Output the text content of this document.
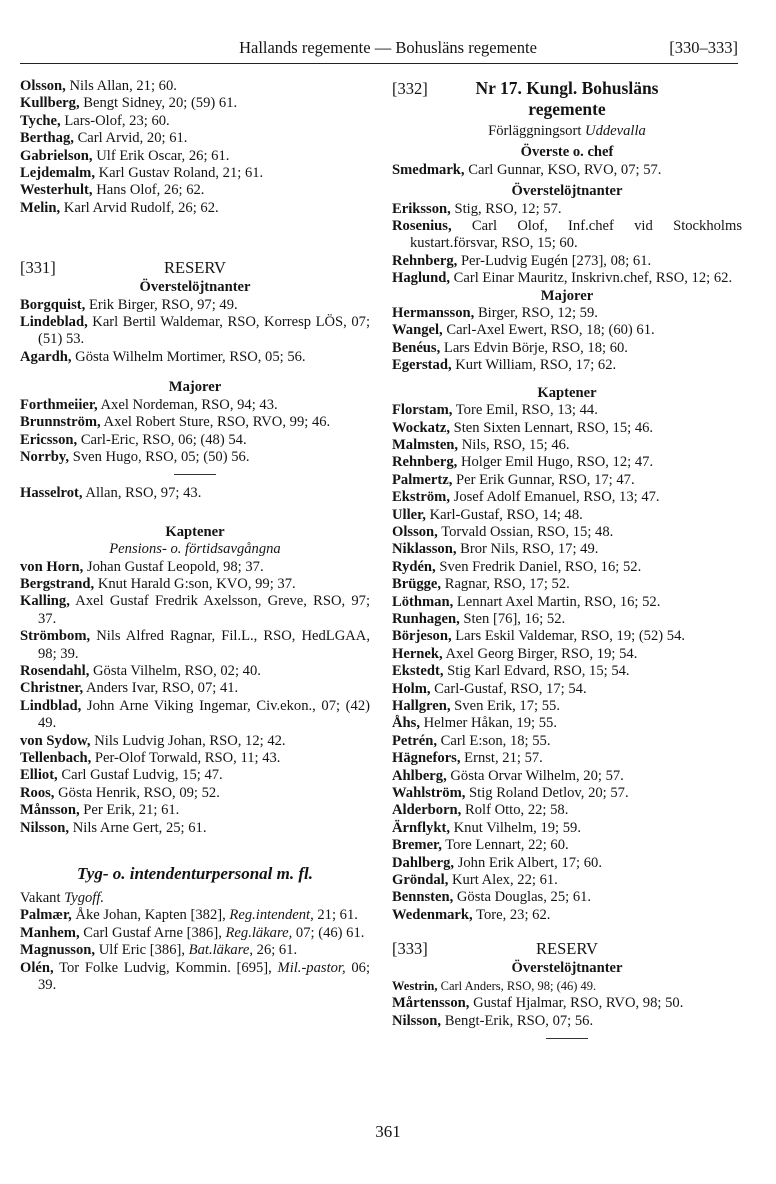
Hallands regemente — Bohusläns regemente	[330–333]

Olsson, Nils Allan, 21; 60.

Kullberg, Bengt Sidney, 20; (59) 61.

Tyche, Lars-Olof, 23; 60.

Berthag, Carl Arvid, 20; 61.

Gabrielson, Ulf Erik Oscar, 26; 61.

Lejdemalm, Karl Gustav Roland, 21; 61.

Westerhult, Hans Olof, 26; 62.

Melin, Karl Arvid Rudolf, 26; 62.

[331]	RESERV

Överstelöjtnanter

Borgquist, Erik Birger, RSO, 97; 49.

Lindeblad, Karl Bertil Waldemar, RSO, Korresp LÖS, 07; (51) 53.

Agardh, Gösta Wilhelm Mortimer, RSO, 05; 56.

Majorer

Forthmeiier, Axel Nordeman, RSO, 94; 43.

Brunnström, Axel Robert Sture, RSO, RVO, 99; 46.

Ericsson, Carl-Eric, RSO, 06; (48) 54.

Norrby, Sven Hugo, RSO, 05; (50) 56.

Hasselrot, Allan, RSO, 97; 43.

Kaptener

Pensions- o. förtidsavgångna

von Horn, Johan Gustaf Leopold, 98; 37.

Bergstrand, Knut Harald G:son, KVO, 99; 37.

Kalling, Axel Gustaf Fredrik Axelsson, Greve, RSO, 97; 37.

Strömbom, Nils Alfred Ragnar, Fil.L., RSO, HedLGAA, 98; 39.

Rosendahl, Gösta Vilhelm, RSO, 02; 40.

Christner, Anders Ivar, RSO, 07; 41.

Lindblad, John Arne Viking Ingemar, Civ.ekon., 07; (42) 49.

von Sydow, Nils Ludvig Johan, RSO, 12; 42.

Tellenbach, Per-Olof Torwald, RSO, 11; 43.

Elliot, Carl Gustaf Ludvig, 15; 47.

Roos, Gösta Henrik, RSO, 09; 52.

Månsson, Per Erik, 21; 61.

Nilsson, Nils Arne Gert, 25; 61.

Tyg- o. intendenturpersonal m. fl.

Vakant Tygoff.

Palmær, Åke Johan, Kapten [382], Reg.intendent, 21; 61.

Manhem, Carl Gustaf Arne [386], Reg.läkare, 07; (46) 61.

Magnusson, Ulf Eric [386], Bat.läkare, 26; 61.

Olén, Tor Folke Ludvig, Kommin. [695], Mil.-pastor, 06; 39.

[332]	Nr 17. Kungl. Bohusläns
regemente

Förläggningsort Uddevalla

Överste o. chef

Smedmark, Carl Gunnar, KSO, RVO, 07; 57.

Överstelöjtnanter

Eriksson, Stig, RSO, 12; 57.

Rosenius, Carl Olof, Inf.chef vid Stockholms kustart.försvar, RSO, 15; 60.

Rehnberg, Per-Ludvig Eugén [273], 08; 61.

Haglund, Carl Einar Mauritz, Inskrivn.chef, RSO, 12; 62.

Majorer

Hermansson, Birger, RSO, 12; 59.

Wangel, Carl-Axel Ewert, RSO, 18; (60) 61.

Benéus, Lars Edvin Börje, RSO, 18; 60.

Egerstad, Kurt William, RSO, 17; 62.

Kaptener

Florstam, Tore Emil, RSO, 13; 44.

Wockatz, Sten Sixten Lennart, RSO, 15; 46.

Malmsten, Nils, RSO, 15; 46.

Rehnberg, Holger Emil Hugo, RSO, 12; 47.

Palmertz, Per Erik Gunnar, RSO, 17; 47.

Ekström, Josef Adolf Emanuel, RSO, 13; 47.

Uller, Karl-Gustaf, RSO, 14; 48.

Olsson, Torvald Ossian, RSO, 15; 48.

Niklasson, Bror Nils, RSO, 17; 49.

Rydén, Sven Fredrik Daniel, RSO, 16; 52.

Brügge, Ragnar, RSO, 17; 52.

Löthman, Lennart Axel Martin, RSO, 16; 52.

Runhagen, Sten [76], 16; 52.

Börjeson, Lars Eskil Valdemar, RSO, 19; (52) 54.

Hernek, Axel Georg Birger, RSO, 19; 54.

Ekstedt, Stig Karl Edvard, RSO, 15; 54.

Holm, Carl-Gustaf, RSO, 17; 54.

Hallgren, Sven Erik, 17; 55.

Åhs, Helmer Håkan, 19; 55.

Petrén, Carl E:son, 18; 55.

Hägnefors, Ernst, 21; 57.

Ahlberg, Gösta Orvar Wilhelm, 20; 57.

Wahlström, Stig Roland Detlov, 20; 57.

Alderborn, Rolf Otto, 22; 58.

Ärnflykt, Knut Vilhelm, 19; 59.

Bremer, Tore Lennart, 22; 60.

Dahlberg, John Erik Albert, 17; 60.

Gröndal, Kurt Alex, 22; 61.

Bennsten, Gösta Douglas, 25; 61.

Wedenmark, Tore, 23; 62.

[333]	RESERV

Överstelöjtnanter

Westrin, Carl Anders, RSO, 98; (46) 49.

Mårtensson, Gustaf Hjalmar, RSO, RVO, 98; 50.

Nilsson, Bengt-Erik, RSO, 07; 56.

361
